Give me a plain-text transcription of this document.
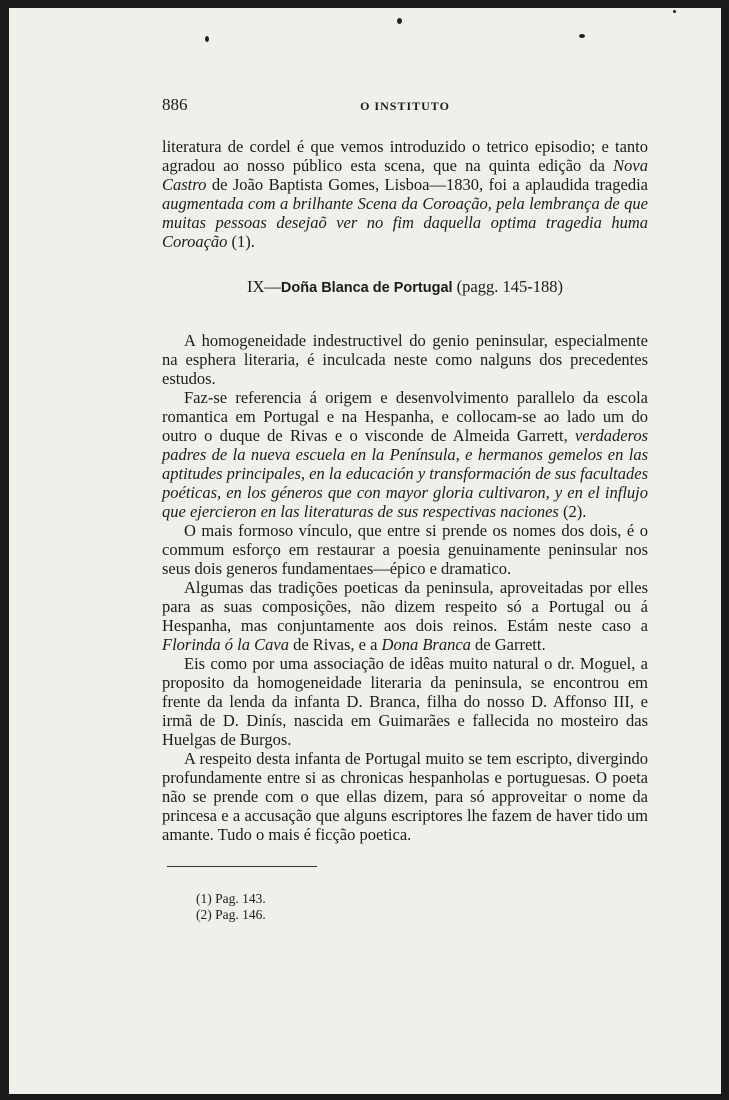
886	O INSTITUTO

literatura de cordel é que vemos introduzido o tetrico episodio; e tanto agradou ao nosso público esta scena, que na quinta edição da Nova Castro de João Baptista Gomes, Lisboa—1830, foi a aplaudida tragedia augmentada com a brilhante Scena da Coroação, pela lembrança de que muitas pessoas desejaõ ver no fim daquella optima tragedia huma Coroação (1).

IX—Doña Blanca de Portugal (pagg. 145-188)

A homogeneidade indestructivel do genio peninsular, especialmente na esphera literaria, é inculcada neste como nalguns dos precedentes estudos.

Faz-se referencia á origem e desenvolvimento parallelo da escola romantica em Portugal e na Hespanha, e collocam-se ao lado um do outro o duque de Rivas e o visconde de Almeida Garrett, verdaderos padres de la nueva escuela en la Península, e hermanos gemelos en las aptitudes principales, en la educación y transformación de sus facultades poéticas, en los géneros que con mayor gloria cultivaron, y en el influjo que ejercieron en las literaturas de sus respectivas naciones (2).

O mais formoso vínculo, que entre si prende os nomes dos dois, é o commum esforço em restaurar a poesia genuinamente peninsular nos seus dois generos fundamentaes—épico e dramatico.

Algumas das tradições poeticas da peninsula, aproveitadas por elles para as suas composições, não dizem respeito só a Portugal ou á Hespanha, mas conjuntamente aos dois reinos. Estám neste caso a Florinda ó la Cava de Rivas, e a Dona Branca de Garrett.

Eis como por uma associação de idêas muito natural o dr. Moguel, a proposito da homogeneidade literaria da peninsula, se encontrou em frente da lenda da infanta D. Branca, filha do nosso D. Affonso III, e irmã de D. Dinís, nascida em Guimarães e fallecida no mosteiro das Huelgas de Burgos.

A respeito desta infanta de Portugal muito se tem escripto, divergindo profundamente entre si as chronicas hespanholas e portuguesas. O poeta não se prende com o que ellas dizem, para só approveitar o nome da princesa e a accusação que alguns escriptores lhe fazem de haver tido um amante. Tudo o mais é ficção poetica.

(1) Pag. 143.
(2) Pag. 146.
